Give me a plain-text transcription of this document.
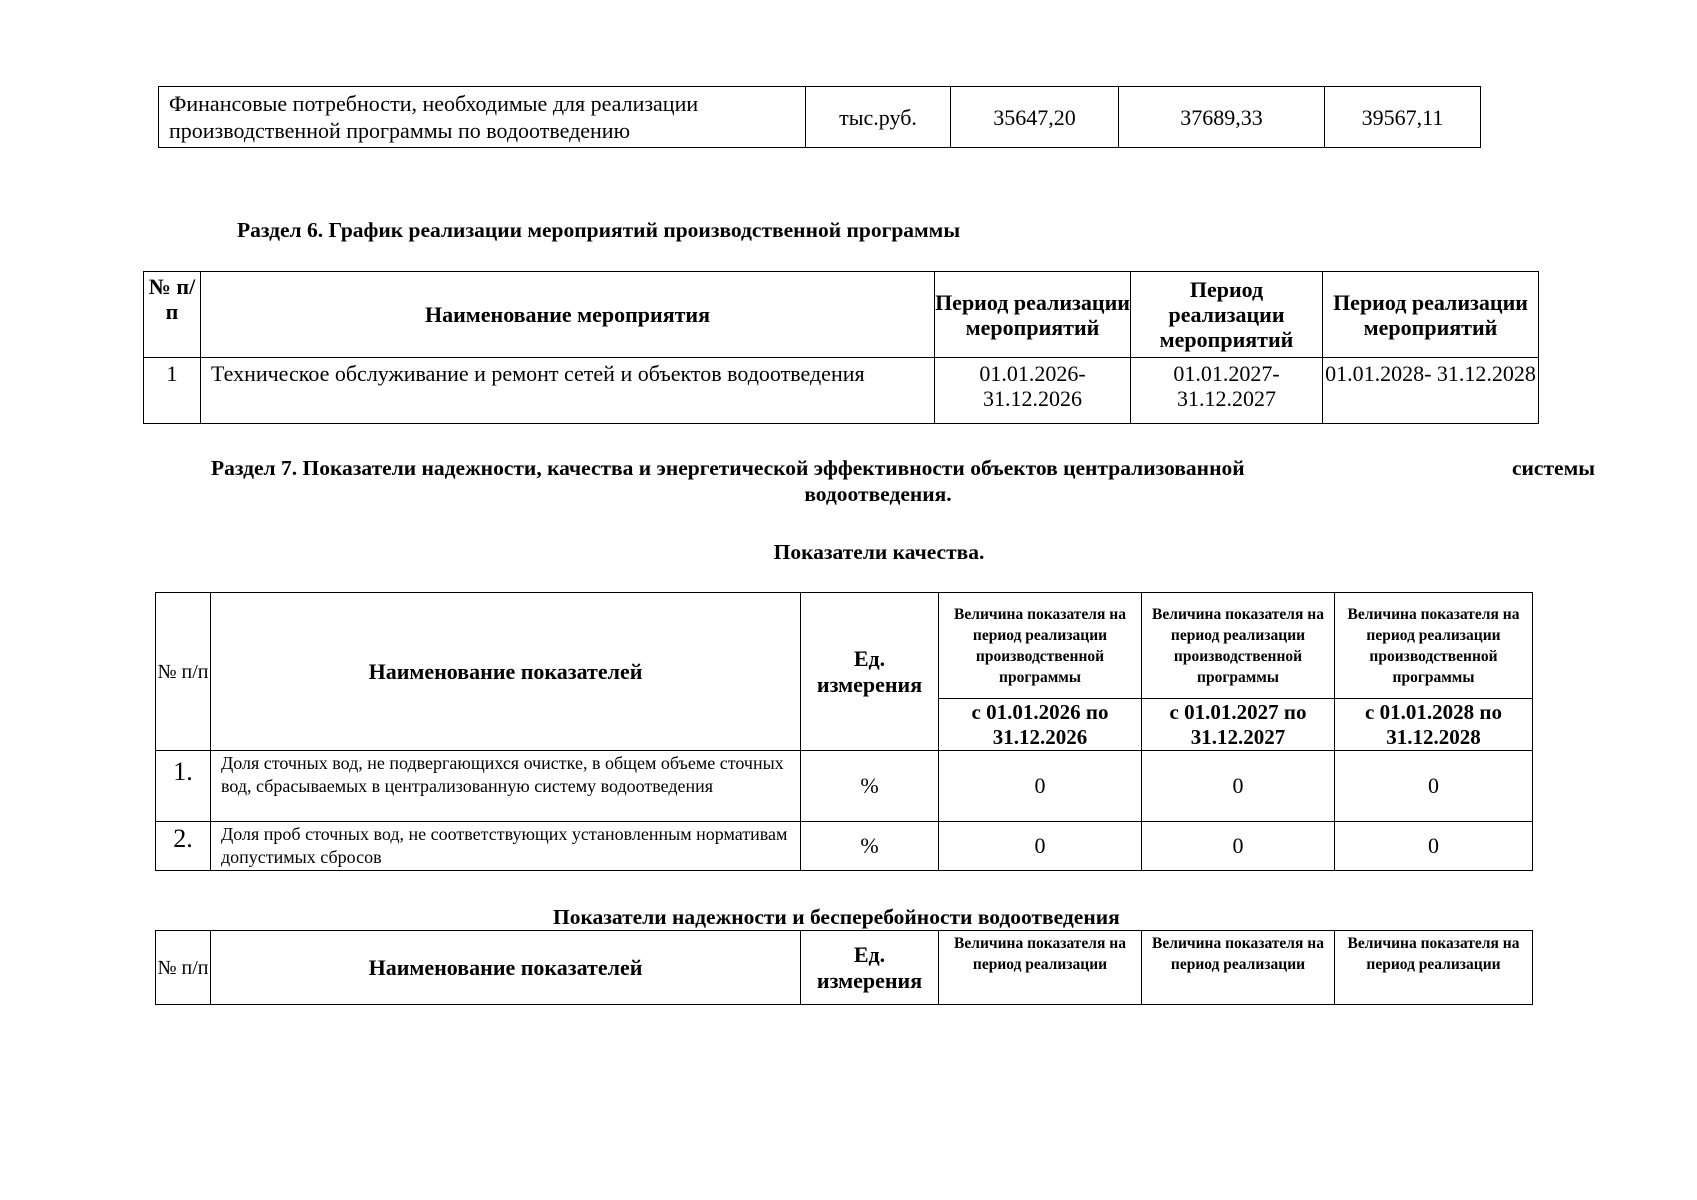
Финансовые потребности, необходимые для реализации производственной программы по водоотведению	тыс.руб.	35647,20	37689,33	39567,11
Раздел 6. График реализации мероприятий производственной программы
№ п/п	Наименование мероприятия	Период реализации мероприятий	Период реализации мероприятий	Период реализации мероприятий
1	Техническое обслуживание и ремонт сетей и объектов водоотведения	01.01.2026- 31.12.2026	01.01.2027- 31.12.2027	01.01.2028- 31.12.2028
Раздел 7. Показатели надежности, качества и энергетической эффективности объектов централизованной	системы
водоотведения.
Показатели качества.
№ п/п	Наименование показателей	Ед. измерения	Величина показателя на период реализации производственной программы	Величина показателя на период реализации производственной программы	Величина показателя на период реализации производственной программы
			с 01.01.2026 по 31.12.2026	с 01.01.2027 по 31.12.2027	с 01.01.2028 по 31.12.2028
1.	Доля сточных вод, не подвергающихся очистке, в общем объеме сточных вод, сбрасываемых в централизованную систему водоотведения	%	0	0	0
2.	Доля проб сточных вод, не соответствующих установленным нормативам допустимых сбросов	%	0	0	0
Показатели надежности и бесперебойности водоотведения
№ п/п	Наименование показателей	Ед. измерения	Величина показателя на период реализации	Величина показателя на период реализации	Величина показателя на период реализации
